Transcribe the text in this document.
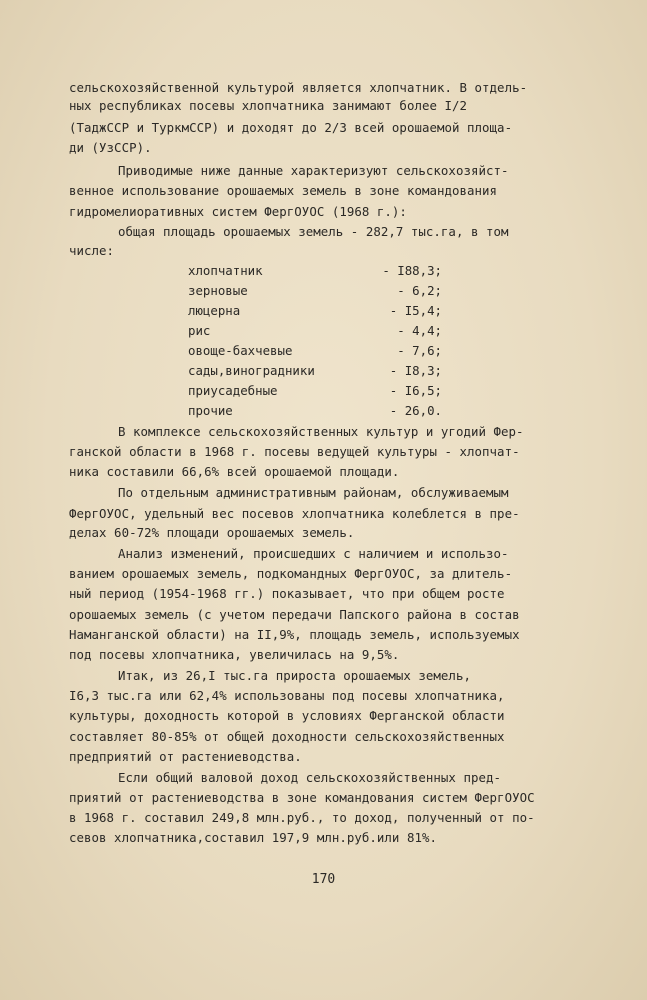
сельскохозяйственной культурой является хлопчатник. В отдель-
ных республиках посевы хлопчатника занимают более I/2
(ТаджССР и ТуркмССР) и доходят до 2/3 всей орошаемой площа-
ди (УзССР).
Приводимые ниже данные характеризуют сельскохозяйст-
венное использование орошаемых земель в зоне командования
гидромелиоративных систем ФергОУОС (1968 г.):
общая площадь орошаемых земель - 282,7 тыс.га, в том
числе:
хлопчатник	- I88,3;
зерновые	- 6,2;
люцерна	- I5,4;
рис	- 4,4;
овоще-бахчевые	- 7,6;
сады,виноградники	- I8,3;
приусадебные	- I6,5;
прочие	- 26,0.
В комплексе сельскохозяйственных культур и угодий Фер-
ганской области в 1968 г. посевы ведущей культуры - хлопчат-
ника составили 66,6% всей орошаемой площади.
По отдельным административным районам, обслуживаемым
ФергОУОС, удельный вес посевов хлопчатника колеблется в пре-
делах 60-72% площади орошаемых земель.
Анализ изменений, происшедших с наличием и использо-
ванием орошаемых земель, подкомандных ФергОУОС, за длитель-
ный период (1954-1968 гг.) показывает, что при общем росте
орошаемых земель (с учетом передачи Папского района в состав
Наманганской области) на II,9%, площадь земель, используемых
под посевы хлопчатника, увеличилась на 9,5%.
Итак, из 26,I тыс.га прироста орошаемых земель,
I6,3 тыс.га или 62,4% использованы под посевы хлопчатника,
культуры, доходность которой в условиях Ферганской области
составляет 80-85% от общей доходности сельскохозяйственных
предприятий от растениеводства.
Если общий валовой доход сельскохозяйственных пред-
приятий от растениеводства в зоне командования систем ФергОУОС
в 1968 г. составил 249,8 млн.руб., то доход, полученный от по-
севов хлопчатника,составил 197,9 млн.руб.или 81%.
170
